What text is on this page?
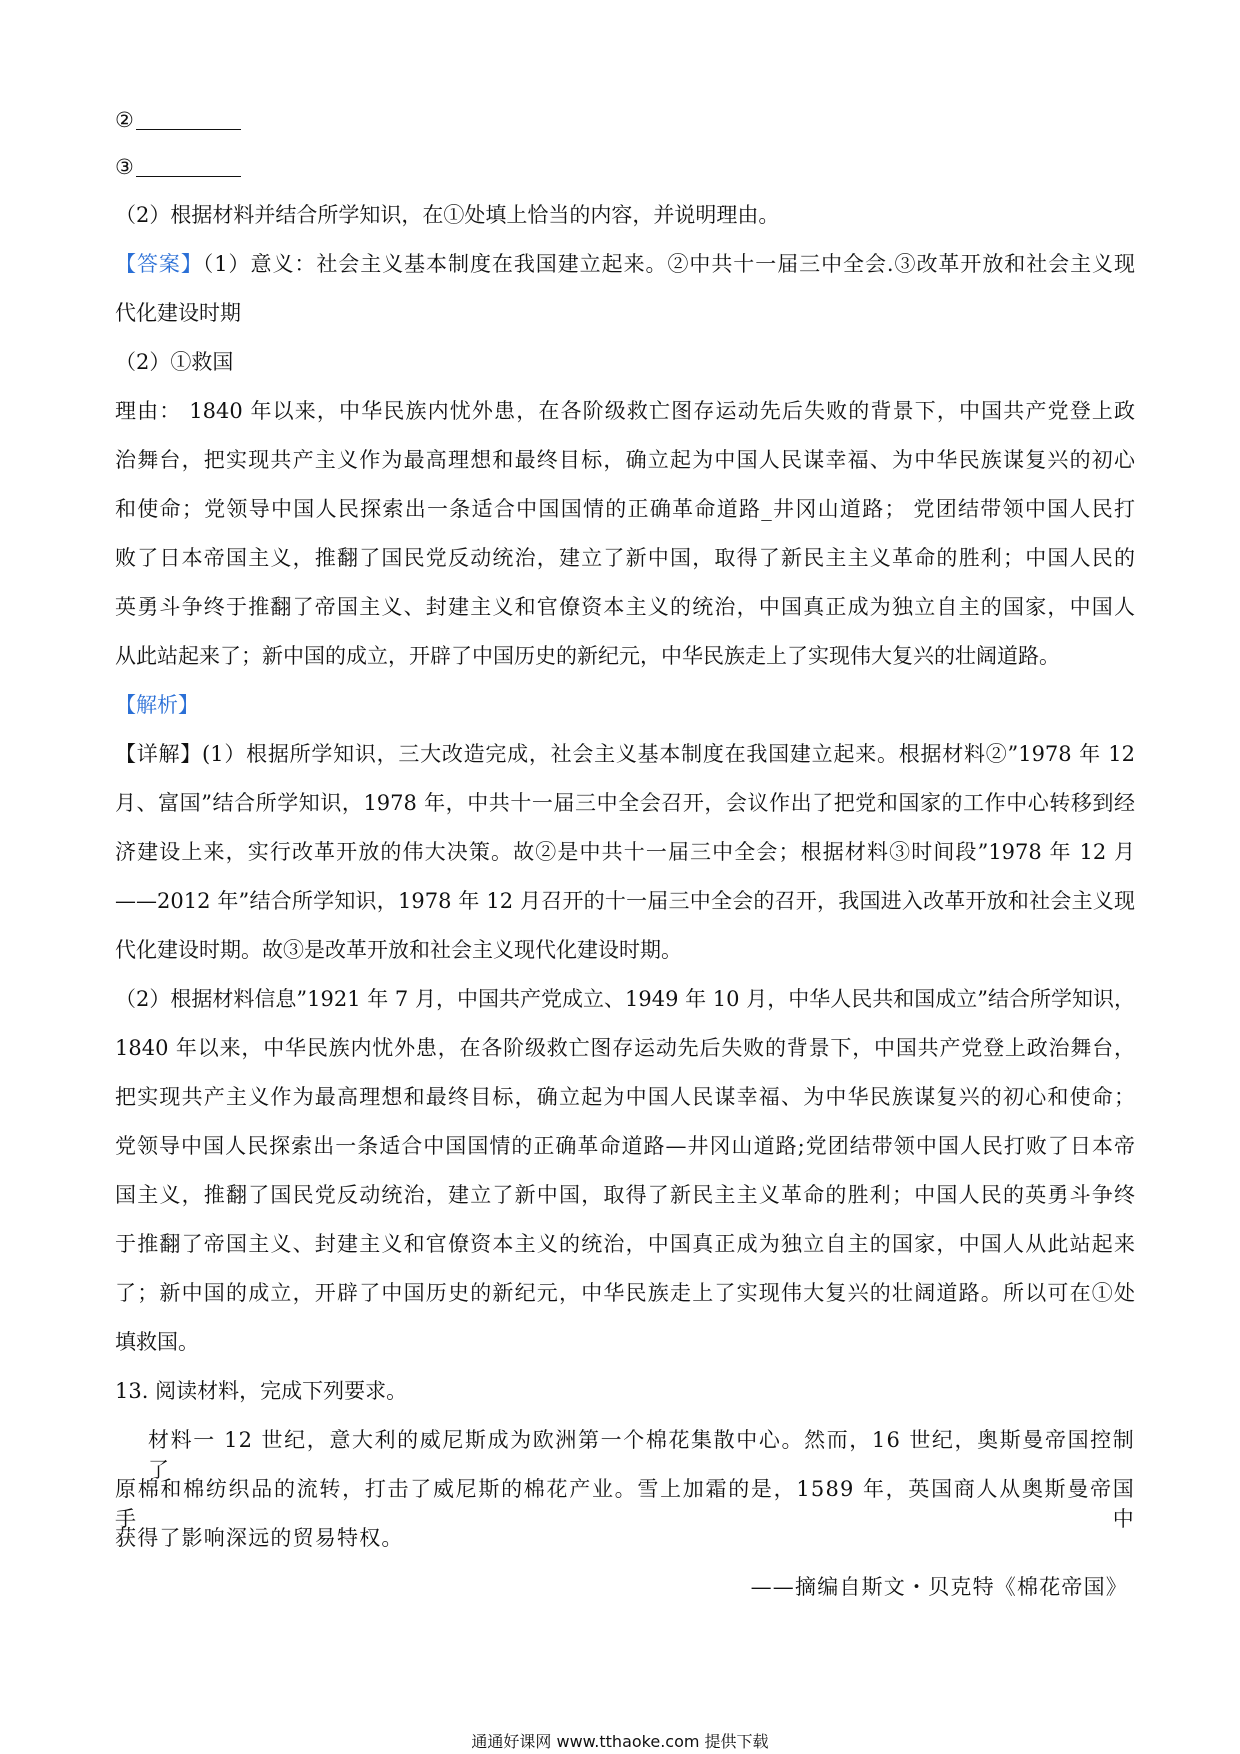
②
③
（2）根据材料并结合所学知识，在①处填上恰当的内容，并说明理由。
【答案】（1）意义：社会主义基本制度在我国建立起来。②中共十一届三中全会.③改革开放和社会主义现
代化建设时期
（2）①救国
理由： 1840 年以来，中华民族内忧外患，在各阶级救亡图存运动先后失败的背景下，中国共产党登上政
治舞台，把实现共产主义作为最高理想和最终目标，确立起为中国人民谋幸福、为中华民族谋复兴的初心
和使命；党领导中国人民探索出一条适合中国国情的正确革命道路_井冈山道路； 党团结带领中国人民打
败了日本帝国主义，推翻了国民党反动统治，建立了新中国，取得了新民主主义革命的胜利；中国人民的
英勇斗争终于推翻了帝国主义、封建主义和官僚资本主义的统治，中国真正成为独立自主的国家，中国人
从此站起来了；新中国的成立，开辟了中国历史的新纪元，中华民族走上了实现伟大复兴的壮阔道路。
【解析】
【详解】(1）根据所学知识，三大改造完成，社会主义基本制度在我国建立起来。根据材料②”1978 年 12
月、富国”结合所学知识，1978 年，中共十一届三中全会召开，会议作出了把党和国家的工作中心转移到经
济建设上来，实行改革开放的伟大决策。故②是中共十一届三中全会；根据材料③时间段”1978 年 12 月
——2012 年”结合所学知识，1978 年 12 月召开的十一届三中全会的召开，我国进入改革开放和社会主义现
代化建设时期。故③是改革开放和社会主义现代化建设时期。
（2）根据材料信息”1921 年 7 月，中国共产党成立、1949 年 10 月，中华人民共和国成立”结合所学知识，
1840 年以来，中华民族内忧外患，在各阶级救亡图存运动先后失败的背景下，中国共产党登上政治舞台，
把实现共产主义作为最高理想和最终目标，确立起为中国人民谋幸福、为中华民族谋复兴的初心和使命；
党领导中国人民探索出一条适合中国国情的正确革命道路—井冈山道路;党团结带领中国人民打败了日本帝
国主义，推翻了国民党反动统治，建立了新中国，取得了新民主主义革命的胜利；中国人民的英勇斗争终
于推翻了帝国主义、封建主义和官僚资本主义的统治，中国真正成为独立自主的国家，中国人从此站起来
了；新中国的成立，开辟了中国历史的新纪元，中华民族走上了实现伟大复兴的壮阔道路。所以可在①处
填救国。
13. 阅读材料，完成下列要求。
材料一 12 世纪，意大利的威尼斯成为欧洲第一个棉花集散中心。然而，16 世纪，奥斯曼帝国控制了
原棉和棉纺织品的流转，打击了威尼斯的棉花产业。雪上加霜的是，1589 年，英国商人从奥斯曼帝国手中
获得了影响深远的贸易特权。
——摘编自斯文・贝克特《棉花帝国》
通通好课网 www.tthaoke.com 提供下载
